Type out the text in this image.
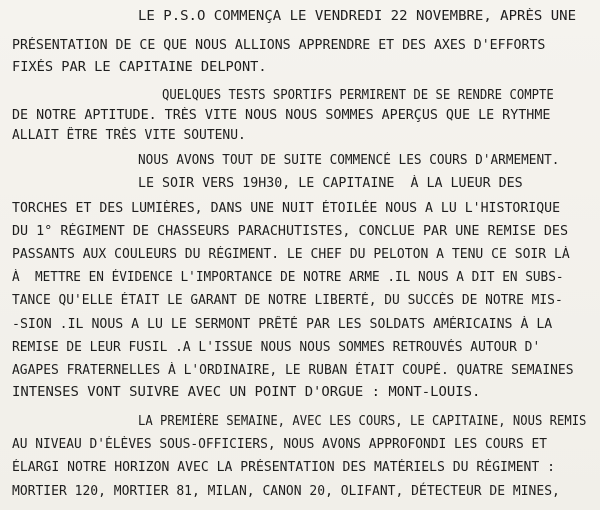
LE P.S.O COMMENÇA LE VENDREDI 22 NOVEMBRE, APRÈS UNE
PRÉSENTATION DE CE QUE NOUS ALLIONS APPRENDRE ET DES AXES D'EFFORTS
FIXÉS PAR LE CAPITAINE DELPONT.
QUELQUES TESTS SPORTIFS PERMIRENT DE SE RENDRE COMPTE
DE NOTRE APTITUDE. TRÈS VITE NOUS NOUS SOMMES APERÇUS QUE LE RYTHME
ALLAIT ÊTRE TRÈS VITE SOUTENU.
NOUS AVONS TOUT DE SUITE COMMENCÉ LES COURS D'ARMEMENT.
LE SOIR VERS 19H30, LE CAPITAINE  À LA LUEUR DES
TORCHES ET DES LUMIÈRES, DANS UNE NUIT ÉTOILÉE NOUS A LU L'HISTORIQUE
DU 1° RÉGIMENT DE CHASSEURS PARACHUTISTES, CONCLUE PAR UNE REMISE DES
PASSANTS AUX COULEURS DU RÉGIMENT. LE CHEF DU PELOTON A TENU CE SOIR LÀ
À  METTRE EN ÉVIDENCE L'IMPORTANCE DE NOTRE ARME .IL NOUS A DIT EN SUBS-
TANCE QU'ELLE ÉTAIT LE GARANT DE NOTRE LIBERTÉ, DU SUCCÈS DE NOTRE MIS-
-SION .IL NOUS A LU LE SERMONT PRÊTÉ PAR LES SOLDATS AMÉRICAINS À LA
REMISE DE LEUR FUSIL .A L'ISSUE NOUS NOUS SOMMES RETROUVÉS AUTOUR D'
AGAPES FRATERNELLES À L'ORDINAIRE, LE RUBAN ÉTAIT COUPÉ. QUATRE SEMAINES
INTENSES VONT SUIVRE AVEC UN POINT D'ORGUE : MONT-LOUIS.
LA PREMIÈRE SEMAINE, AVEC LES COURS, LE CAPITAINE, NOUS REMIS
AU NIVEAU D'ÉLÈVES SOUS-OFFICIERS, NOUS AVONS APPROFONDI LES COURS ET
ÉLARGI NOTRE HORIZON AVEC LA PRÉSENTATION DES MATÉRIELS DU RÉGIMENT :
MORTIER 120, MORTIER 81, MILAN, CANON 20, OLIFANT, DÉTECTEUR DE MINES,
